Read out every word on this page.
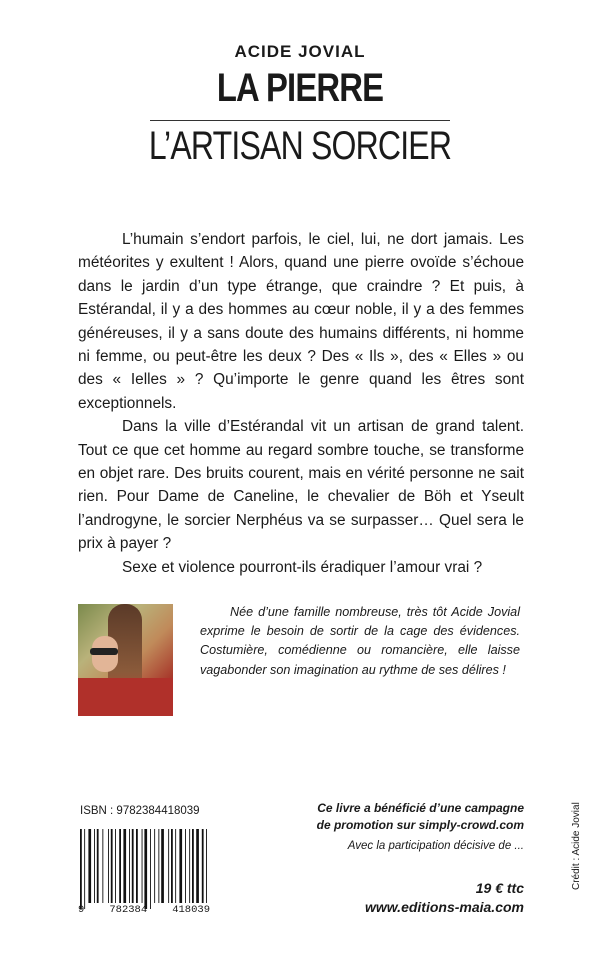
ACIDE JOVIAL
LA PIERRE
L’ARTISAN SORCIER

L’humain s’endort parfois, le ciel, lui, ne dort jamais. Les météorites y exultent ! Alors, quand une pierre ovoïde s’échoue dans le jardin d’un type étrange, que craindre ? Et puis, à Estérandal, il y a des hommes au cœur noble, il y a des femmes généreuses, il y a sans doute des humains différents, ni homme ni femme, ou peut-être les deux ? Des « Ils », des « Elles » ou des « Ielles » ? Qu’importe le genre quand les êtres sont exceptionnels.

Dans la ville d’Estérandal vit un artisan de grand talent. Tout ce que cet homme au regard sombre touche, se transforme en objet rare. Des bruits courent, mais en vérité personne ne sait rien. Pour Dame de Caneline, le chevalier de Böh et Yseult l’androgyne, le sorcier Nerphéus va se surpasser… Quel sera le prix à payer ?

Sexe et violence pourront-ils éradiquer l’amour vrai ?

Née d’une famille nombreuse, très tôt Acide Jovial exprime le besoin de sortir de la cage des évidences. Costumière, comédienne ou romancière, elle laisse vagabonder son imagination au rythme de ses délires !

ISBN : 9782384418039
9 782384 418039
Ce livre a bénéficié d’une campagne
de promotion sur simply-crowd.com
Avec la participation décisive de ...
19 € ttc
www.editions-maia.com
Crédit : Acide Jovial
